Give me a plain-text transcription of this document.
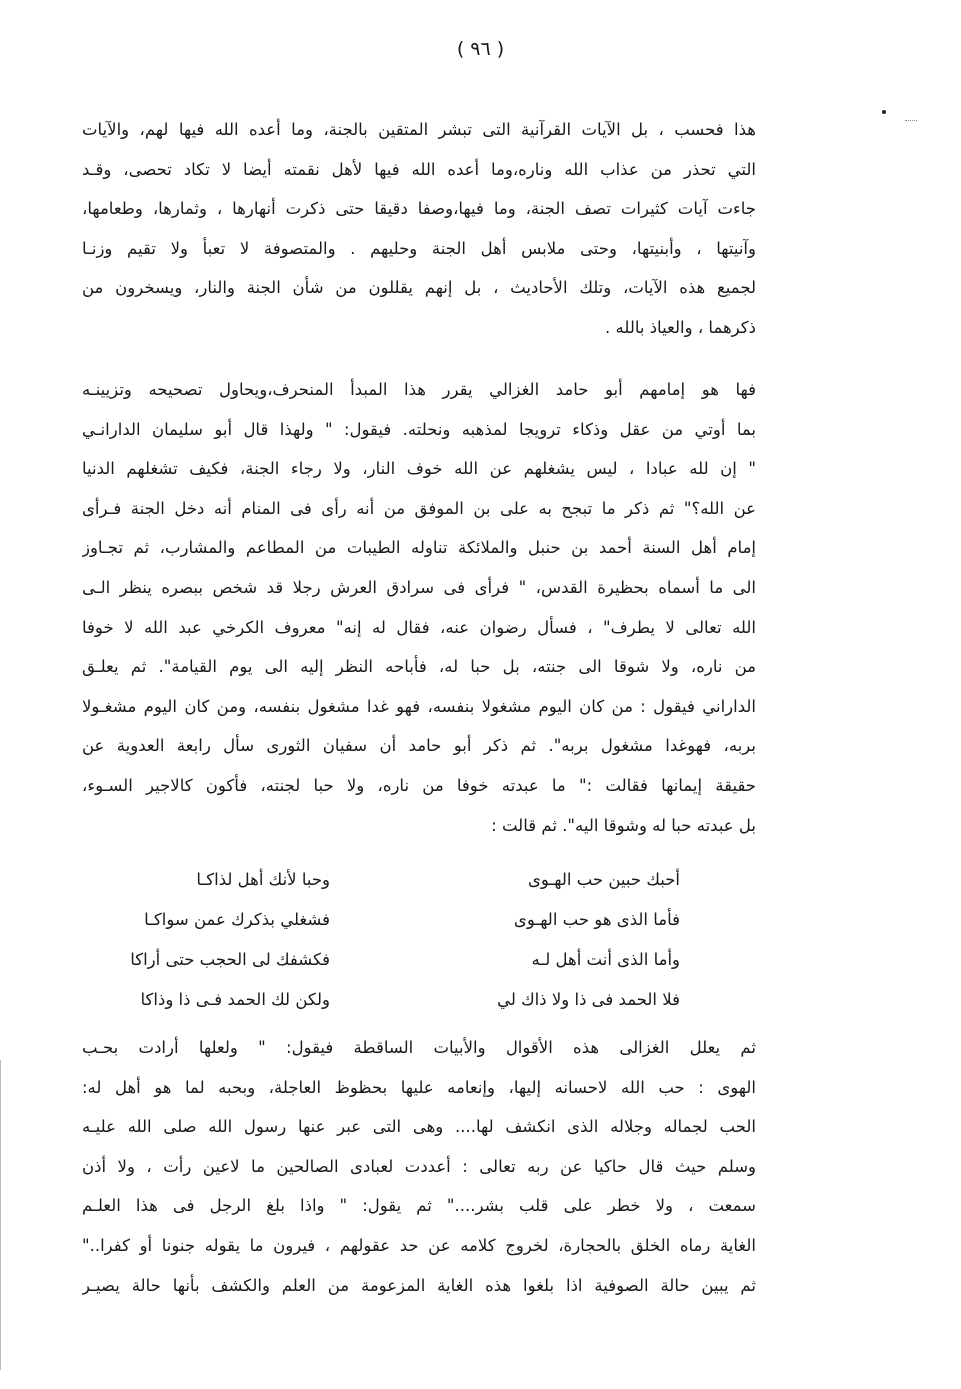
( ٩٦ )
هذا فحسب ، بل الآيات القرآنية التى تبشر المتقين بالجنة، وما أعده الله فيها لهم، والآيات
التي تحذر من عذاب الله وناره،وما أعده الله فيها لأهل نقمته أيضا لا تكاد تحصى، وقـد
جاءت آيات كثيرات تصف الجنة، وما فيها،وصفا دقيقا حتى ذكرت أنهارها ، وثمارها، وطعامها،
وآنيتها ، وأبنيتها، وحتى ملابس أهل الجنة وحليهم . والمتصوفة لا تعبأ ولا تقيم وزنـا
لجميع هذه الآيات، وتلك الأحاديث ، بل إنهم يقللون من شأن الجنة والنار، ويسخرون من
ذكرهما ، والعياذ بالله .
فها هو إمامهم أبو حامد الغزالي يقرر هذا المبدأ المنحرف،ويحاول تصحيحه وتزيينـه
بما أوتي من عقل وذكاء ترويجا لمذهبه ونحلته. فيقول: " ولهذا قال أبو سليمان الدارانـي
" إن لله عبادا ، ليس يشغلهم عن الله خوف النار، ولا رجاء الجنة، فكيف تشغلهم الدنيا
عن الله؟" ثم ذكر ما تبجح به على بن الموفق من أنه رأى فى المنام أنه دخل الجنة فـرأى
إمام أهل السنة أحمد بن حنبل والملائكة تناوله الطيبات من المطاعم والمشارب، ثم تجـاوز
الى ما أسماه بحظيرة القدس، " فرأى فى سرادق العرش رجلا قد شخص ببصره ينظر الـى
الله تعالى لا يطرف" ، فسأل رضوان عنه، فقال له إنه" معروف الكرخي عبد الله لا خوفا
من ناره، ولا شوقا الى جنته، بل حبا له، فأباحه النظر إليه الى يوم القيامة". ثم يعلـق
الداراني فيقول : من كان اليوم مشغولا بنفسه، فهو غدا مشغول بنفسه، ومن كان اليوم مشغـولا
بربه، فهوغدا مشغول بربه". ثم ذكر أبو حامد أن سفيان الثورى سأل رابعة العدوية عن
حقيقة إيمانها فقالت :" ما عبدته خوفا من ناره، ولا حبا لجنته، فأكون كالاجير السـوء،
بل عبدته حبا له وشوقا اليه". ثم قالت :
أحبك حبين حب الهـوى
وحبا لأنك أهل لذاكـا
فأما الذى هو حب الهـوى
فشغلي بذكرك عمن سواكـا
وأما الذى أنت أهل لـه
فكشفك لى الحجب حتى أراكا
فلا الحمد فى ذا ولا ذاك لي
ولكن لك الحمد فـى ذا وذاكا
ثم يعلل الغزالى هذه الأقوال والأبيات الساقطة فيقول: " ولعلها أرادت بحـب
الهوى : حب الله لاحسانه إليها، وإنعامه عليها بحظوظ العاجلة، وبحبه لما هو أهل له:
الحب لجماله وجلاله الذى انكشف لها.... وهى التى عبر عنها رسول الله صلى الله عليـه
وسلم حيث قال حاكيا عن ربه تعالى : أعددت لعبادى الصالحين ما لاعين رأت ، ولا أذن
سمعت ، ولا خطر على قلب بشر...." ثم يقول: " واذا بلغ الرجل فى هذا العلـم
الغاية رماه الخلق بالحجارة، لخروج كلامه عن حد عقولهم ، فيرون ما يقوله جنونا أو كفرا.."
ثم يبين حالة الصوفية اذا بلغوا هذه الغاية المزعومة من العلم والكشف بأنها حالة يصيـر
